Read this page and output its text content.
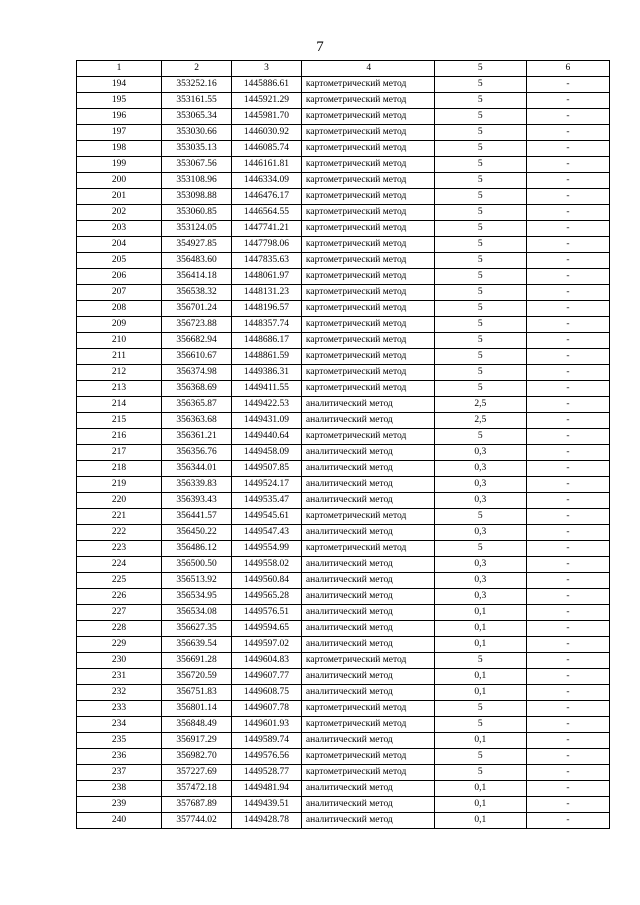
7
1	2	3	4	5	6
194	353252.16	1445886.61	картометрический метод	5	-
195	353161.55	1445921.29	картометрический метод	5	-
196	353065.34	1445981.70	картометрический метод	5	-
197	353030.66	1446030.92	картометрический метод	5	-
198	353035.13	1446085.74	картометрический метод	5	-
199	353067.56	1446161.81	картометрический метод	5	-
200	353108.96	1446334.09	картометрический метод	5	-
201	353098.88	1446476.17	картометрический метод	5	-
202	353060.85	1446564.55	картометрический метод	5	-
203	353124.05	1447741.21	картометрический метод	5	-
204	354927.85	1447798.06	картометрический метод	5	-
205	356483.60	1447835.63	картометрический метод	5	-
206	356414.18	1448061.97	картометрический метод	5	-
207	356538.32	1448131.23	картометрический метод	5	-
208	356701.24	1448196.57	картометрический метод	5	-
209	356723.88	1448357.74	картометрический метод	5	-
210	356682.94	1448686.17	картометрический метод	5	-
211	356610.67	1448861.59	картометрический метод	5	-
212	356374.98	1449386.31	картометрический метод	5	-
213	356368.69	1449411.55	картометрический метод	5	-
214	356365.87	1449422.53	аналитический метод	2,5	-
215	356363.68	1449431.09	аналитический метод	2,5	-
216	356361.21	1449440.64	картометрический метод	5	-
217	356356.76	1449458.09	аналитический метод	0,3	-
218	356344.01	1449507.85	аналитический метод	0,3	-
219	356339.83	1449524.17	аналитический метод	0,3	-
220	356393.43	1449535.47	аналитический метод	0,3	-
221	356441.57	1449545.61	картометрический метод	5	-
222	356450.22	1449547.43	аналитический метод	0,3	-
223	356486.12	1449554.99	картометрический метод	5	-
224	356500.50	1449558.02	аналитический метод	0,3	-
225	356513.92	1449560.84	аналитический метод	0,3	-
226	356534.95	1449565.28	аналитический метод	0,3	-
227	356534.08	1449576.51	аналитический метод	0,1	-
228	356627.35	1449594.65	аналитический метод	0,1	-
229	356639.54	1449597.02	аналитический метод	0,1	-
230	356691.28	1449604.83	картометрический метод	5	-
231	356720.59	1449607.77	аналитический метод	0,1	-
232	356751.83	1449608.75	аналитический метод	0,1	-
233	356801.14	1449607.78	картометрический метод	5	-
234	356848.49	1449601.93	картометрический метод	5	-
235	356917.29	1449589.74	аналитический метод	0,1	-
236	356982.70	1449576.56	картометрический метод	5	-
237	357227.69	1449528.77	картометрический метод	5	-
238	357472.18	1449481.94	аналитический метод	0,1	-
239	357687.89	1449439.51	аналитический метод	0,1	-
240	357744.02	1449428.78	аналитический метод	0,1	-
